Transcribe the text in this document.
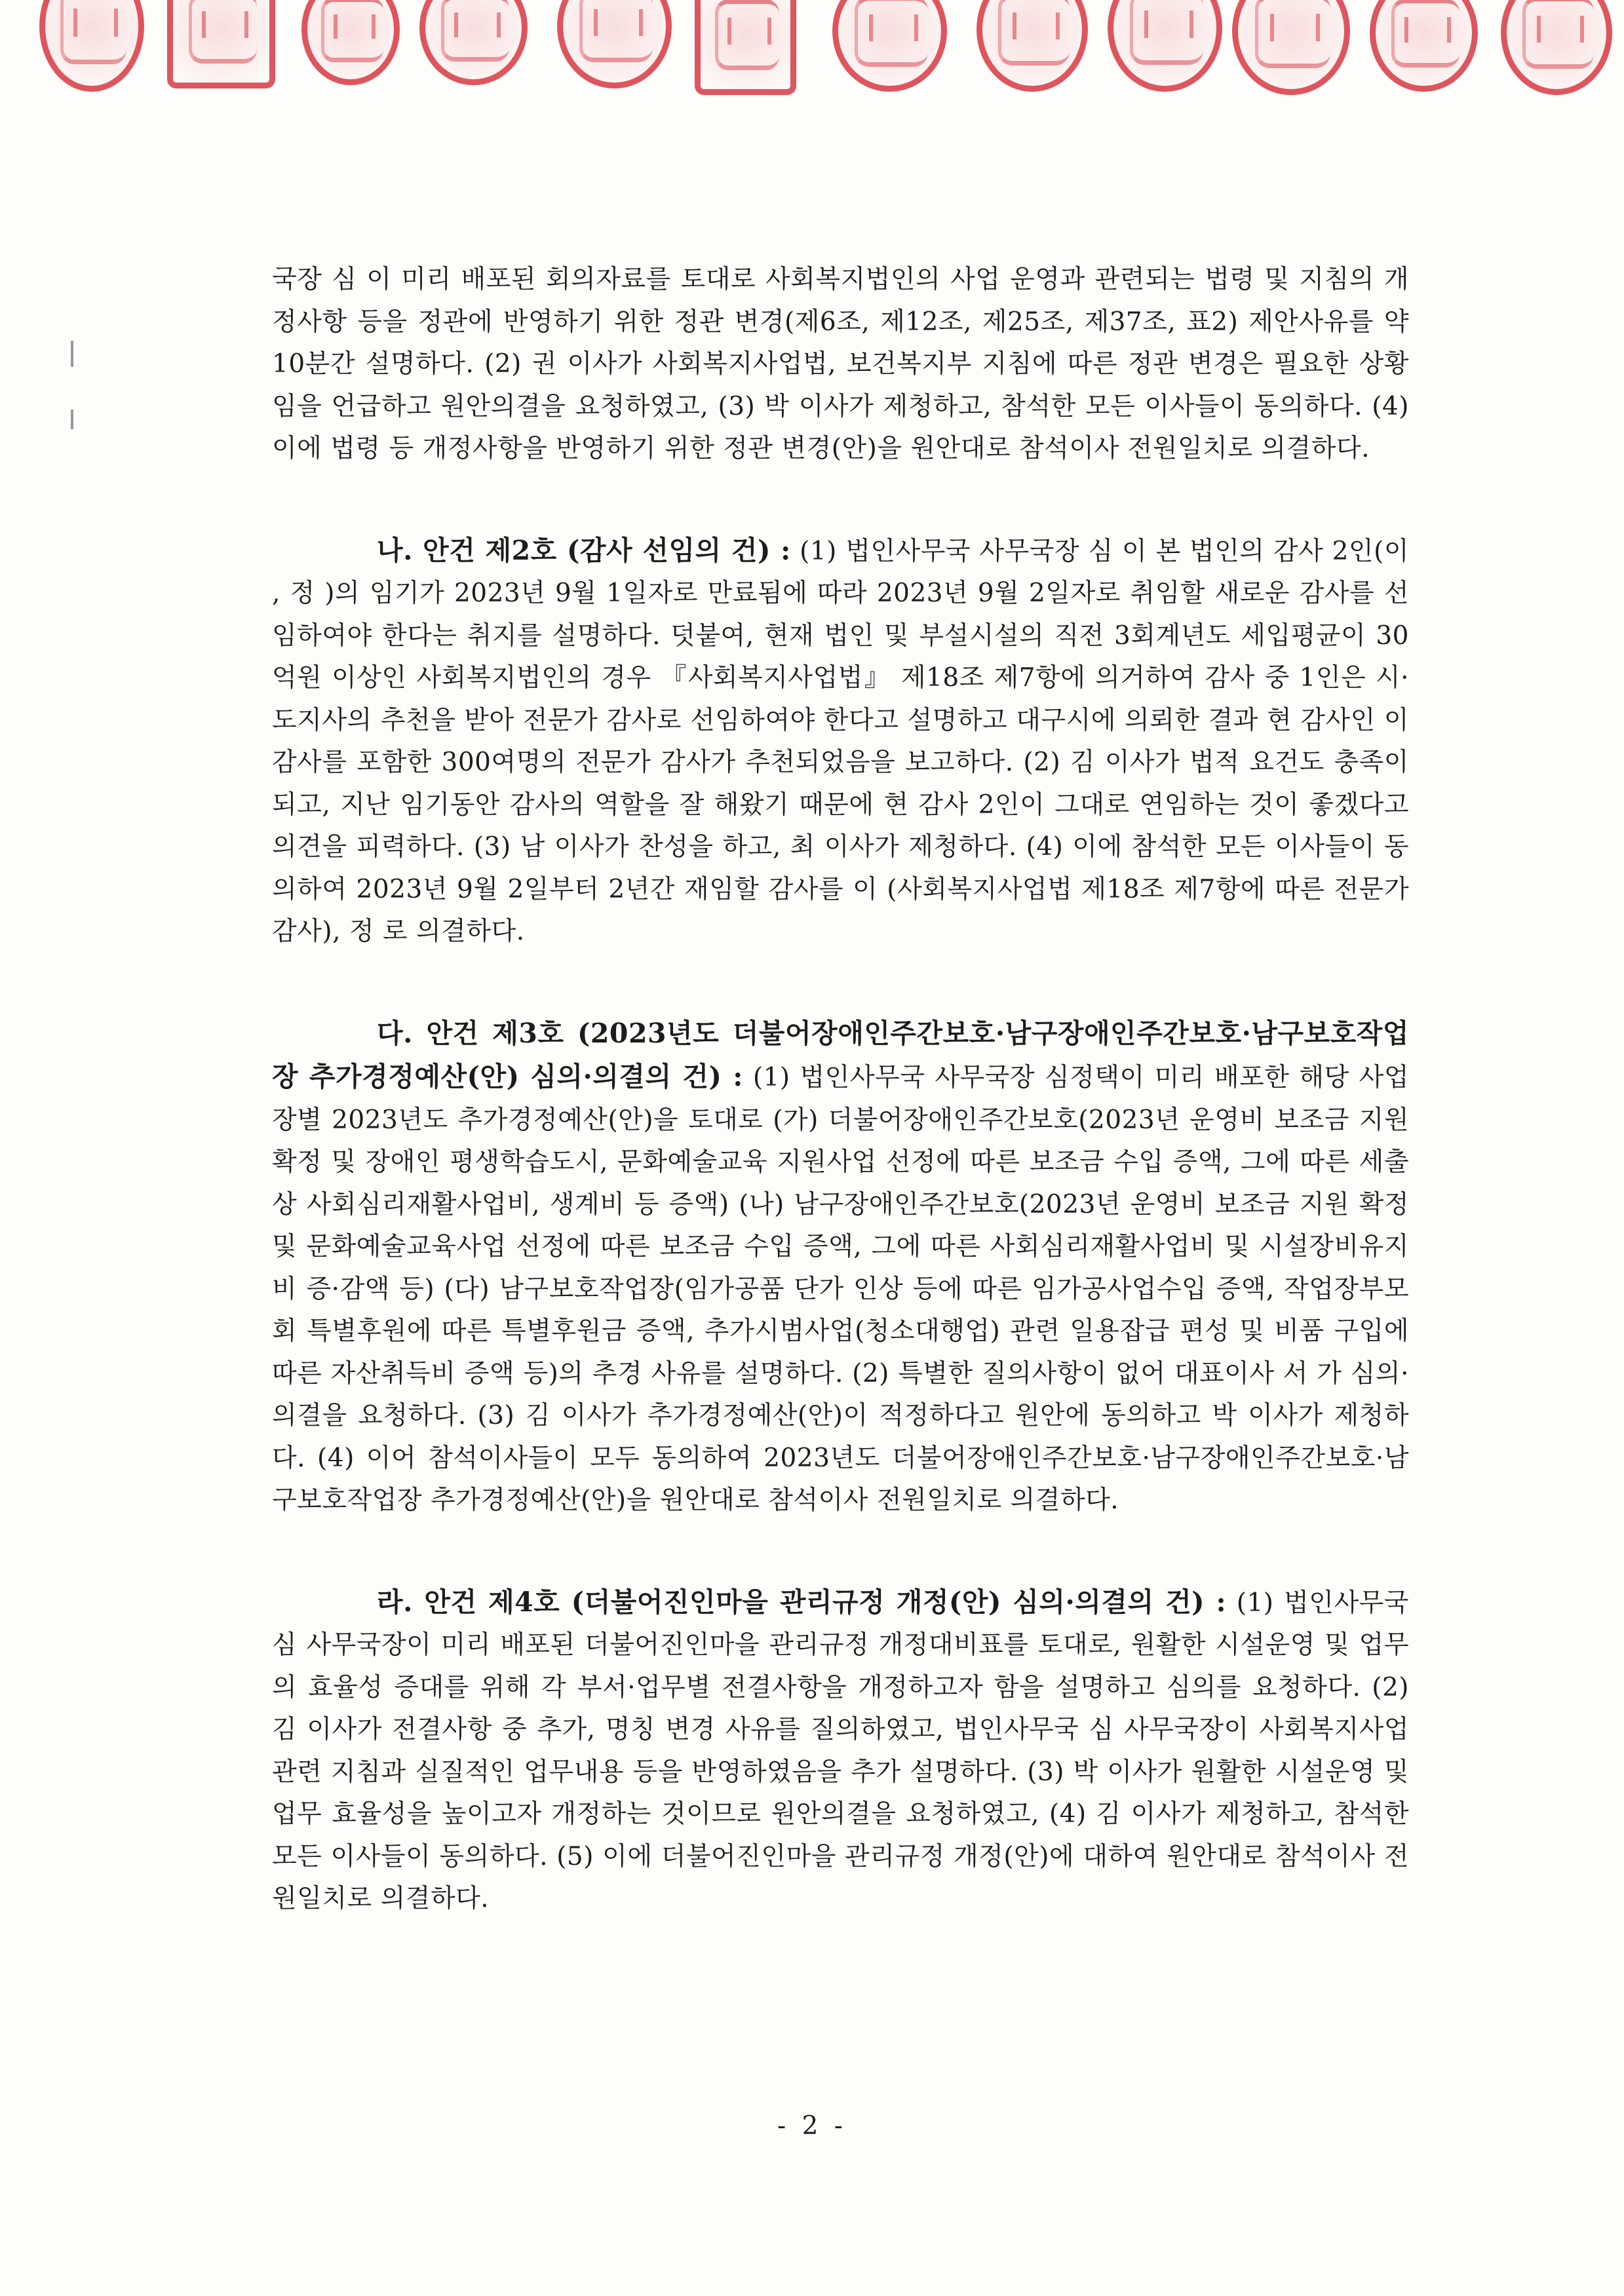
국장 심 이 미리 배포된 회의자료를 토대로 사회복지법인의 사업 운영과 관련되는 법령 및 지침의 개정사항 등을 정관에 반영하기 위한 정관 변경(제6조, 제12조, 제25조, 제37조, 표2) 제안사유를 약 10분간 설명하다. (2) 권 이사가 사회복지사업법, 보건복지부 지침에 따른 정관 변경은 필요한 상황임을 언급하고 원안의결을 요청하였고, (3) 박 이사가 제청하고, 참석한 모든 이사들이 동의하다. (4) 이에 법령 등 개정사항을 반영하기 위한 정관 변경(안)을 원안대로 참석이사 전원일치로 의결하다.

나. 안건 제2호 (감사 선임의 건) : (1) 법인사무국 사무국장 심 이 본 법인의 감사 2인(이 , 정 )의 임기가 2023년 9월 1일자로 만료됨에 따라 2023년 9월 2일자로 취임할 새로운 감사를 선임하여야 한다는 취지를 설명하다. 덧붙여, 현재 법인 및 부설시설의 직전 3회계년도 세입평균이 30억원 이상인 사회복지법인의 경우 『사회복지사업법』 제18조 제7항에 의거하여 감사 중 1인은 시·도지사의 추천을 받아 전문가 감사로 선임하여야 한다고 설명하고 대구시에 의뢰한 결과 현 감사인 이 감사를 포함한 300여명의 전문가 감사가 추천되었음을 보고하다. (2) 김 이사가 법적 요건도 충족이 되고, 지난 임기동안 감사의 역할을 잘 해왔기 때문에 현 감사 2인이 그대로 연임하는 것이 좋겠다고 의견을 피력하다. (3) 남 이사가 찬성을 하고, 최 이사가 제청하다. (4) 이에 참석한 모든 이사들이 동의하여 2023년 9월 2일부터 2년간 재임할 감사를 이 (사회복지사업법 제18조 제7항에 따른 전문가 감사), 정 로 의결하다.

다. 안건 제3호 (2023년도 더불어장애인주간보호·남구장애인주간보호·남구보호작업장 추가경정예산(안) 심의·의결의 건) : (1) 법인사무국 사무국장 심정택이 미리 배포한 해당 사업장별 2023년도 추가경정예산(안)을 토대로 (가) 더불어장애인주간보호(2023년 운영비 보조금 지원 확정 및 장애인 평생학습도시, 문화예술교육 지원사업 선정에 따른 보조금 수입 증액, 그에 따른 세출상 사회심리재활사업비, 생계비 등 증액) (나) 남구장애인주간보호(2023년 운영비 보조금 지원 확정 및 문화예술교육사업 선정에 따른 보조금 수입 증액, 그에 따른 사회심리재활사업비 및 시설장비유지비 증·감액 등) (다) 남구보호작업장(임가공품 단가 인상 등에 따른 임가공사업수입 증액, 작업장부모회 특별후원에 따른 특별후원금 증액, 추가시범사업(청소대행업) 관련 일용잡급 편성 및 비품 구입에 따른 자산취득비 증액 등)의 추경 사유를 설명하다. (2) 특별한 질의사항이 없어 대표이사 서 가 심의·의결을 요청하다. (3) 김 이사가 추가경정예산(안)이 적정하다고 원안에 동의하고 박 이사가 제청하다. (4) 이어 참석이사들이 모두 동의하여 2023년도 더불어장애인주간보호·남구장애인주간보호·남구보호작업장 추가경정예산(안)을 원안대로 참석이사 전원일치로 의결하다.

라. 안건 제4호 (더불어진인마을 관리규정 개정(안) 심의·의결의 건) : (1) 법인사무국 심 사무국장이 미리 배포된 더불어진인마을 관리규정 개정대비표를 토대로, 원활한 시설운영 및 업무의 효율성 증대를 위해 각 부서·업무별 전결사항을 개정하고자 함을 설명하고 심의를 요청하다. (2) 김 이사가 전결사항 중 추가, 명칭 변경 사유를 질의하였고, 법인사무국 심 사무국장이 사회복지사업 관련 지침과 실질적인 업무내용 등을 반영하였음을 추가 설명하다. (3) 박 이사가 원활한 시설운영 및 업무 효율성을 높이고자 개정하는 것이므로 원안의결을 요청하였고, (4) 김 이사가 제청하고, 참석한 모든 이사들이 동의하다. (5) 이에 더불어진인마을 관리규정 개정(안)에 대하여 원안대로 참석이사 전원일치로 의결하다.

- 2 -
